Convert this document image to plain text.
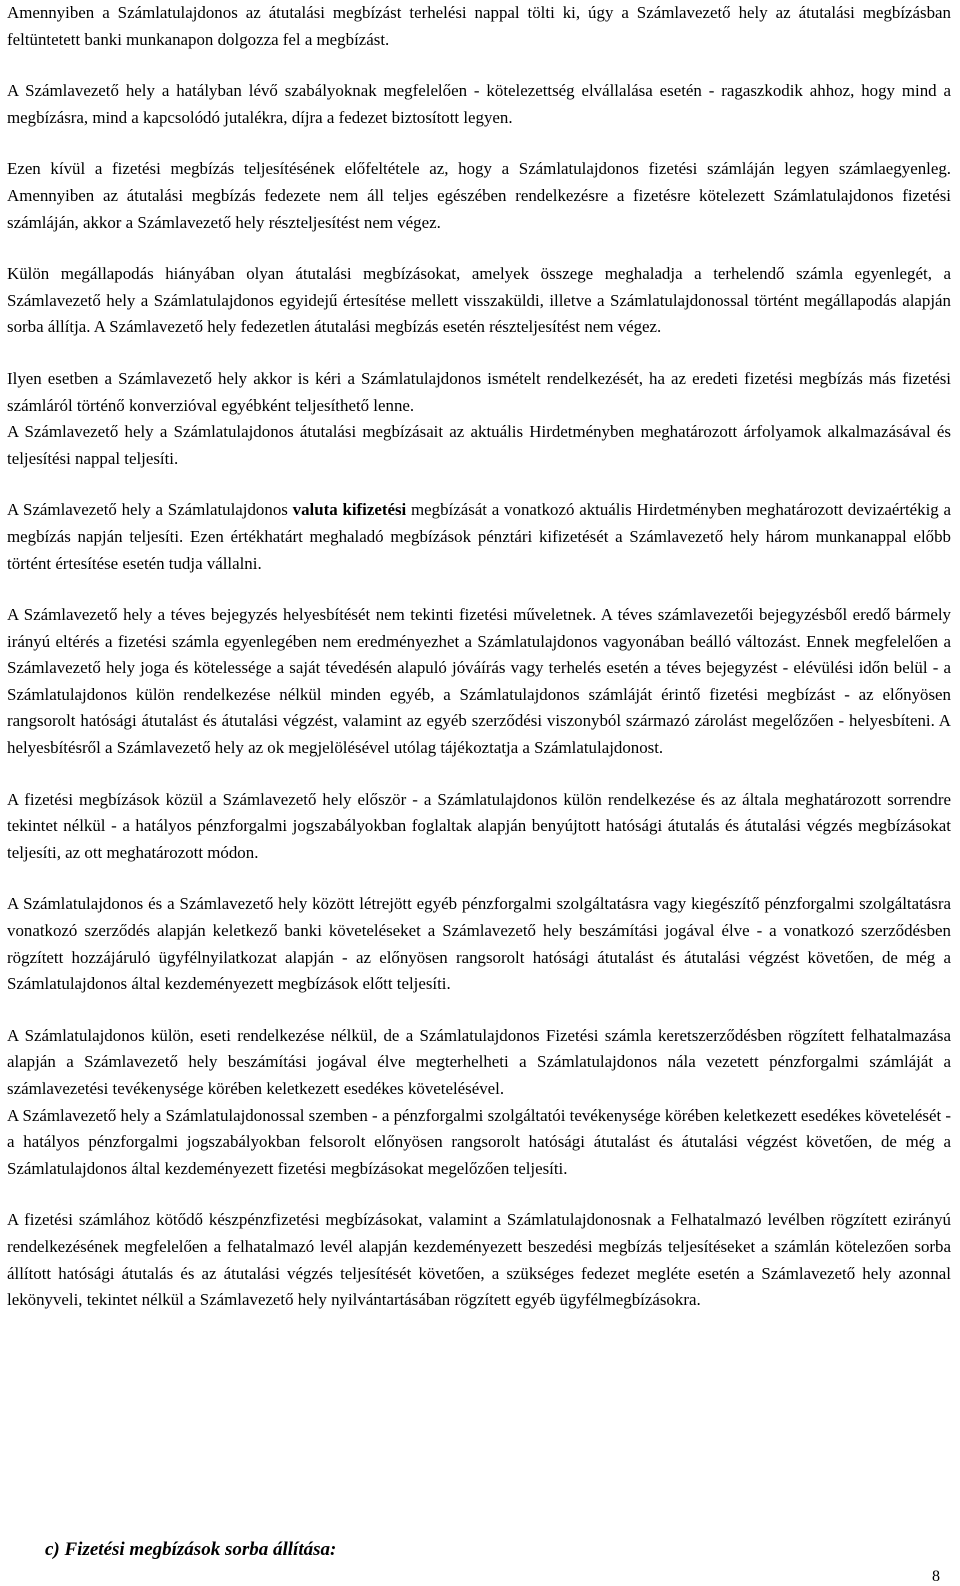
Amennyiben a Számlatulajdonos az átutalási megbízást terhelési nappal tölti ki, úgy a Számlavezető hely az átutalási megbízásban feltüntetett banki munkanapon dolgozza fel a megbízást.

A Számlavezető hely a hatályban lévő szabályoknak megfelelően - kötelezettség elvállalása esetén - ragaszkodik ahhoz, hogy mind a megbízásra, mind a kapcsolódó jutalékra, díjra a fedezet biztosított legyen.

Ezen kívül a fizetési megbízás teljesítésének előfeltétele az, hogy a Számlatulajdonos fizetési számláján legyen számlaegyenleg. Amennyiben az átutalási megbízás fedezete nem áll teljes egészében rendelkezésre a fizetésre kötelezett Számlatulajdonos fizetési számláján, akkor a Számlavezető hely részteljesítést nem végez.

Külön megállapodás hiányában olyan átutalási megbízásokat, amelyek összege meghaladja a terhelendő számla egyenlegét, a Számlavezető hely a Számlatulajdonos egyidejű értesítése mellett visszaküldi, illetve a Számlatulajdonossal történt megállapodás alapján sorba állítja. A Számlavezető hely fedezetlen átutalási megbízás esetén részteljesítést nem végez.

Ilyen esetben a Számlavezető hely akkor is kéri a Számlatulajdonos ismételt rendelkezését, ha az eredeti fizetési megbízás más fizetési számláról történő konverzióval egyébként teljesíthető lenne.

A Számlavezető hely a Számlatulajdonos átutalási megbízásait az aktuális Hirdetményben meghatározott árfolyamok alkalmazásával és teljesítési nappal teljesíti.

A Számlavezető hely a Számlatulajdonos valuta kifizetési megbízását a vonatkozó aktuális Hirdetményben meghatározott devizaértékig a megbízás napján teljesíti. Ezen értékhatárt meghaladó megbízások pénztári kifizetését a Számlavezető hely három munkanappal előbb történt értesítése esetén tudja vállalni.

A Számlavezető hely a téves bejegyzés helyesbítését nem tekinti fizetési műveletnek. A téves számlavezetői bejegyzésből eredő bármely irányú eltérés a fizetési számla egyenlegében nem eredményezhet a Számlatulajdonos vagyonában beálló változást. Ennek megfelelően a Számlavezető hely joga és kötelessége a saját tévedésén alapuló jóváírás vagy terhelés esetén a téves bejegyzést - elévülési időn belül - a Számlatulajdonos külön rendelkezése nélkül minden egyéb, a Számlatulajdonos számláját érintő fizetési megbízást - az előnyösen rangsorolt hatósági átutalást és átutalási végzést, valamint az egyéb szerződési viszonyból származó zárolást megelőzően - helyesbíteni. A helyesbítésről a Számlavezető hely az ok megjelölésével utólag tájékoztatja a Számlatulajdonost.

A fizetési megbízások közül a Számlavezető hely először - a Számlatulajdonos külön rendelkezése és az általa meghatározott sorrendre tekintet nélkül - a hatályos pénzforgalmi jogszabályokban foglaltak alapján benyújtott hatósági átutalás és átutalási végzés megbízásokat teljesíti, az ott meghatározott módon.

A Számlatulajdonos és a Számlavezető hely között létrejött egyéb pénzforgalmi szolgáltatásra vagy kiegészítő pénzforgalmi szolgáltatásra vonatkozó szerződés alapján keletkező banki követeléseket a Számlavezető hely beszámítási jogával élve - a vonatkozó szerződésben rögzített hozzájáruló ügyfélnyilatkozat alapján - az előnyösen rangsorolt hatósági átutalást és átutalási végzést követően, de még a Számlatulajdonos által kezdeményezett megbízások előtt teljesíti.

A Számlatulajdonos külön, eseti rendelkezése nélkül, de a Számlatulajdonos Fizetési számla keretszerződésben rögzített felhatalmazása alapján a Számlavezető hely beszámítási jogával élve megterhelheti a Számlatulajdonos nála vezetett pénzforgalmi számláját a számlavezetési tevékenysége körében keletkezett esedékes követelésével.

A Számlavezető hely a Számlatulajdonossal szemben - a pénzforgalmi szolgáltatói tevékenysége körében keletkezett esedékes követelését - a hatályos pénzforgalmi jogszabályokban felsorolt előnyösen rangsorolt hatósági átutalást és átutalási végzést követően, de még a Számlatulajdonos által kezdeményezett fizetési megbízásokat megelőzően teljesíti.

A fizetési számlához kötődő készpénzfizetési megbízásokat, valamint a Számlatulajdonosnak a Felhatalmazó levélben rögzített ezirányú rendelkezésének megfelelően a felhatalmazó levél alapján kezdeményezett beszedési megbízás teljesítéseket a számlán kötelezően sorba állított hatósági átutalás és az átutalási végzés teljesítését követően, a szükséges fedezet megléte esetén a Számlavezető hely azonnal lekönyveli, tekintet nélkül a Számlavezető hely nyilvántartásában rögzített egyéb ügyfélmegbízásokra.

c) Fizetési megbízások sorba állítása:
8
